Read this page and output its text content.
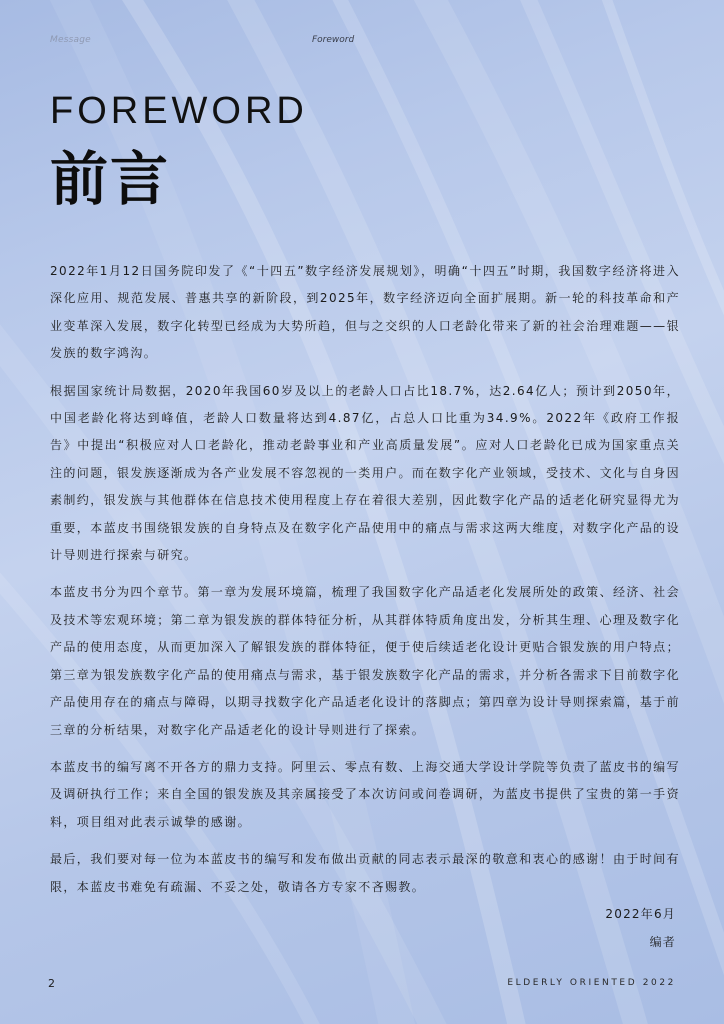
Message	Foreword
FOREWORD
前言

2022年1月12日国务院印发了《“十四五”数字经济发展规划》，明确“十四五”时期，我国数字经济将进入深化应用、规范发展、普惠共享的新阶段，到2025年，数字经济迈向全面扩展期。新一轮的科技革命和产业变革深入发展，数字化转型已经成为大势所趋，但与之交织的人口老龄化带来了新的社会治理难题——银发族的数字鸿沟。

根据国家统计局数据，2020年我国60岁及以上的老龄人口占比18.7%，达2.64亿人；预计到2050年，中国老龄化将达到峰值，老龄人口数量将达到4.87亿，占总人口比重为34.9%。2022年《政府工作报告》中提出“积极应对人口老龄化，推动老龄事业和产业高质量发展”。应对人口老龄化已成为国家重点关注的问题，银发族逐渐成为各产业发展不容忽视的一类用户。而在数字化产业领域，受技术、文化与自身因素制约，银发族与其他群体在信息技术使用程度上存在着很大差别，因此数字化产品的适老化研究显得尤为重要，本蓝皮书围绕银发族的自身特点及在数字化产品使用中的痛点与需求这两大维度，对数字化产品的设计导则进行探索与研究。

本蓝皮书分为四个章节。第一章为发展环境篇，梳理了我国数字化产品适老化发展所处的政策、经济、社会及技术等宏观环境；第二章为银发族的群体特征分析，从其群体特质角度出发，分析其生理、心理及数字化产品的使用态度，从而更加深入了解银发族的群体特征，便于使后续适老化设计更贴合银发族的用户特点；第三章为银发族数字化产品的使用痛点与需求，基于银发族数字化产品的需求，并分析各需求下目前数字化产品使用存在的痛点与障碍，以期寻找数字化产品适老化设计的落脚点；第四章为设计导则探索篇，基于前三章的分析结果，对数字化产品适老化的设计导则进行了探索。

本蓝皮书的编写离不开各方的鼎力支持。阿里云、零点有数、上海交通大学设计学院等负责了蓝皮书的编写及调研执行工作；来自全国的银发族及其亲属接受了本次访问或问卷调研，为蓝皮书提供了宝贵的第一手资料，项目组对此表示诚挚的感谢。

最后，我们要对每一位为本蓝皮书的编写和发布做出贡献的同志表示最深的敬意和衷心的感谢！由于时间有限，本蓝皮书难免有疏漏、不妥之处，敬请各方专家不吝赐教。

2022年6月
编者
2	ELDERLY ORIENTED 2022
